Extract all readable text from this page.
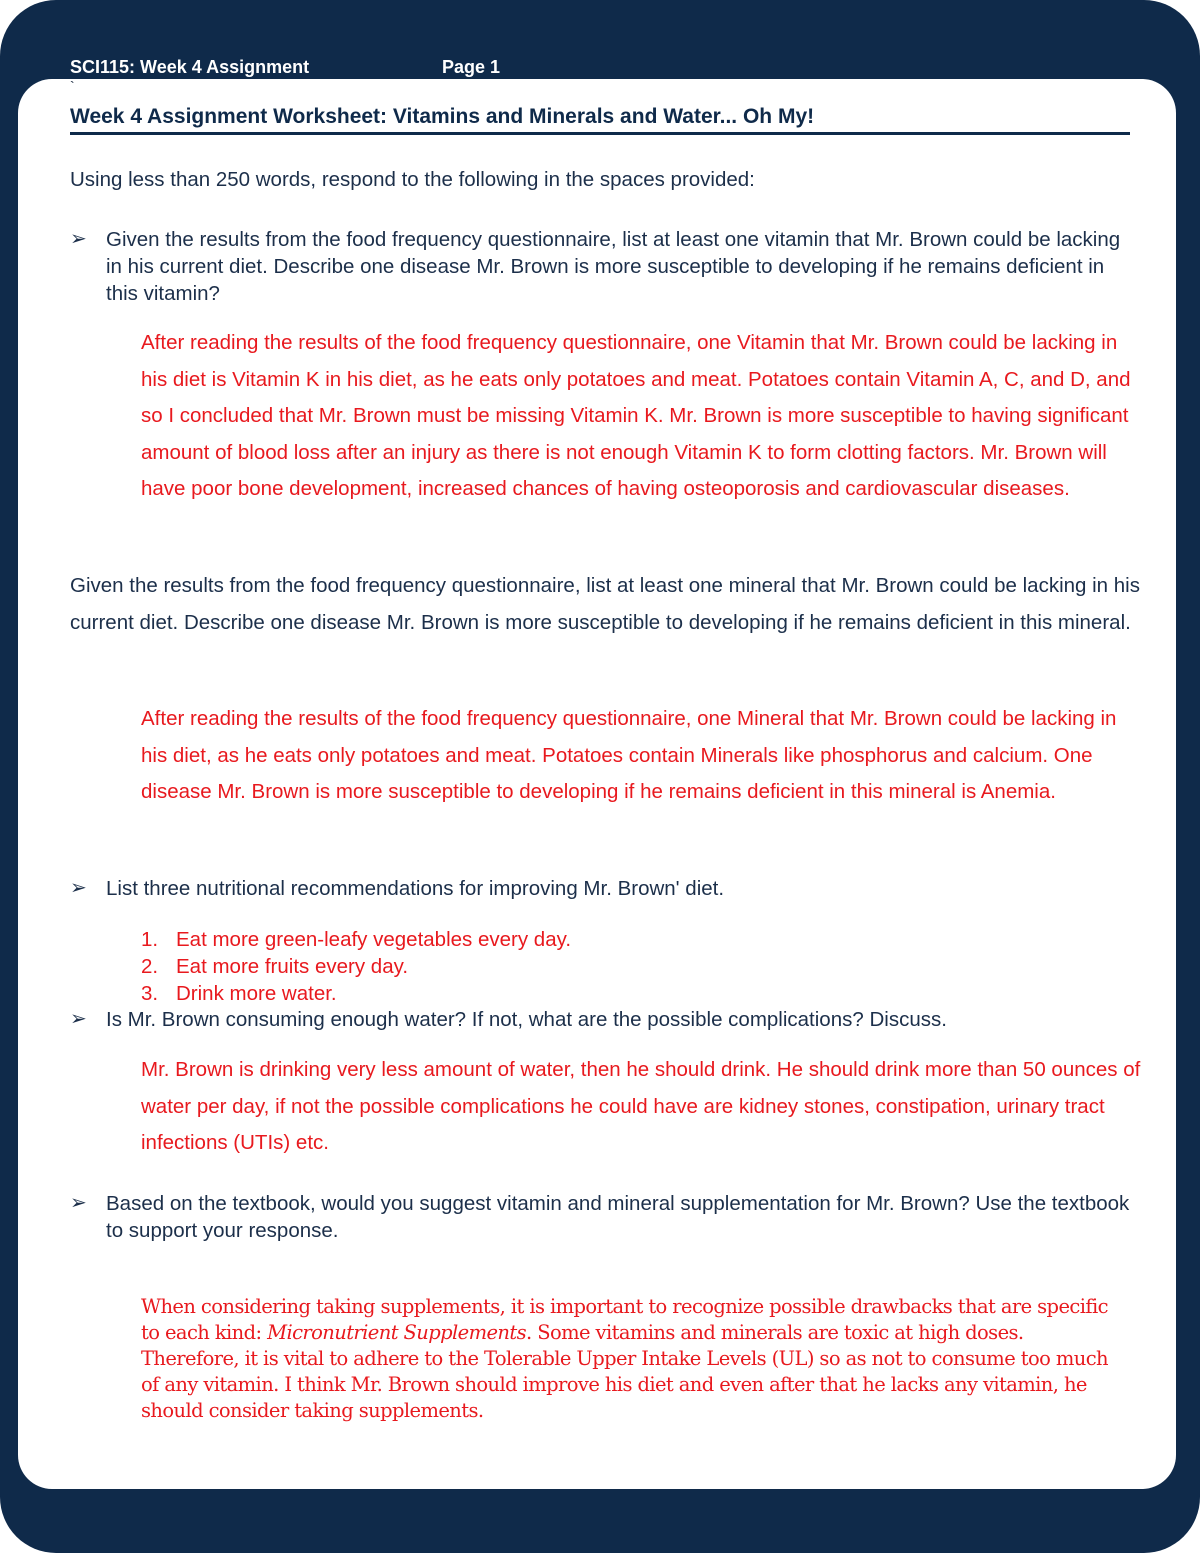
SCI115: Week 4 Assignment	Page 1
`
Week 4 Assignment Worksheet: Vitamins and Minerals and Water... Oh My!
Using less than 250 words, respond to the following in the spaces provided:
➢ Given the results from the food frequency questionnaire, list at least one vitamin that Mr. Brown could be lacking in his current diet. Describe one disease Mr. Brown is more susceptible to developing if he remains deficient in this vitamin?
After reading the results of the food frequency questionnaire, one Vitamin that Mr. Brown could be lacking in his diet is Vitamin K in his diet, as he eats only potatoes and meat. Potatoes contain Vitamin A, C, and D, and so I concluded that Mr. Brown must be missing Vitamin K. Mr. Brown is more susceptible to having significant amount of blood loss after an injury as there is not enough Vitamin K to form clotting factors. Mr. Brown will have poor bone development, increased chances of having osteoporosis and cardiovascular diseases.
Given the results from the food frequency questionnaire, list at least one mineral that Mr. Brown could be lacking in his current diet. Describe one disease Mr. Brown is more susceptible to developing if he remains deficient in this mineral.
After reading the results of the food frequency questionnaire, one Mineral that Mr. Brown could be lacking in his diet, as he eats only potatoes and meat. Potatoes contain Minerals like phosphorus and calcium. One disease Mr. Brown is more susceptible to developing if he remains deficient in this mineral is Anemia.
➢ List three nutritional recommendations for improving Mr. Brown' diet.
1. Eat more green-leafy vegetables every day.
2. Eat more fruits every day.
3. Drink more water.
➢ Is Mr. Brown consuming enough water? If not, what are the possible complications? Discuss.
Mr. Brown is drinking very less amount of water, then he should drink. He should drink more than 50 ounces of water per day, if not the possible complications he could have are kidney stones, constipation, urinary tract infections (UTIs) etc.
➢ Based on the textbook, would you suggest vitamin and mineral supplementation for Mr. Brown? Use the textbook to support your response.
When considering taking supplements, it is important to recognize possible drawbacks that are specific to each kind: Micronutrient Supplements. Some vitamins and minerals are toxic at high doses. Therefore, it is vital to adhere to the Tolerable Upper Intake Levels (UL) so as not to consume too much of any vitamin. I think Mr. Brown should improve his diet and even after that he lacks any vitamin, he should consider taking supplements.
